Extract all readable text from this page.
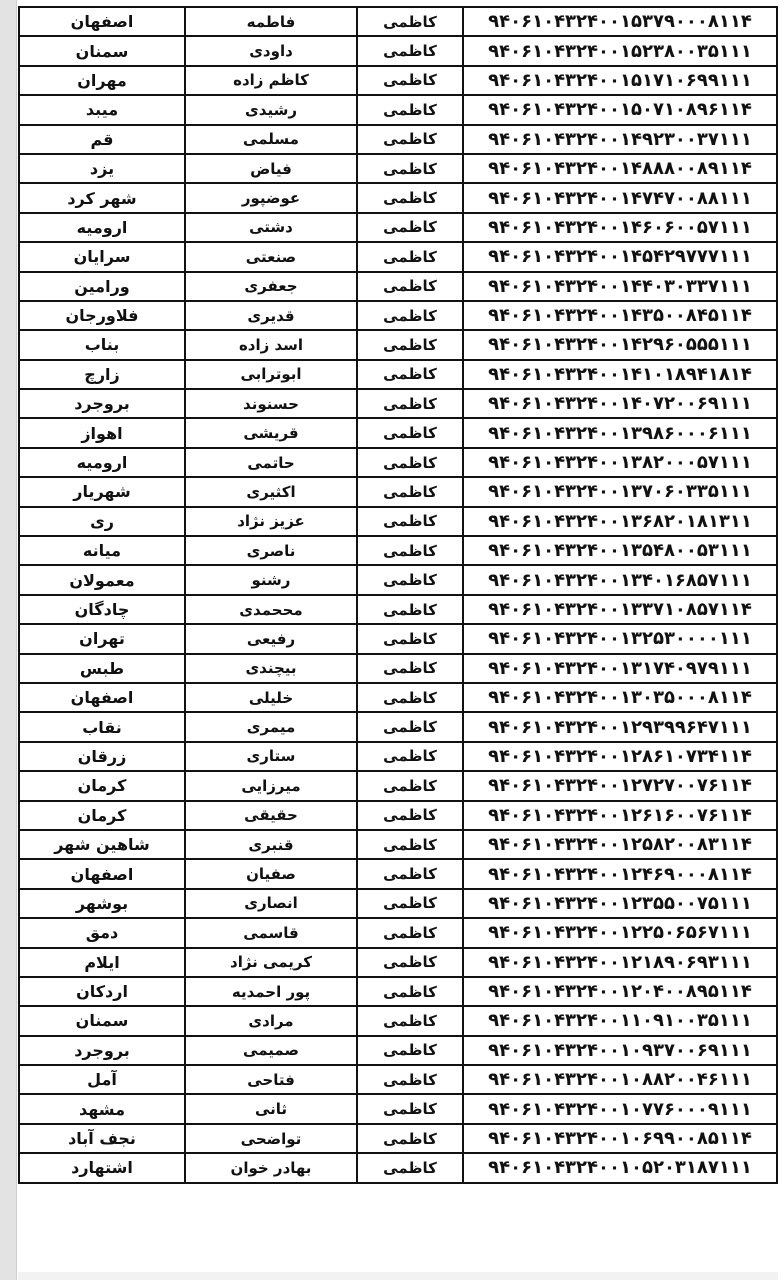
اصفهان	فاطمه	کاظمی	۹۴۰۶۱۰۴۳۲۴۰۰۱۵۳۷۹۰۰۰۸۱۱۴
سمنان	داودی	کاظمی	۹۴۰۶۱۰۴۳۲۴۰۰۱۵۲۳۸۰۰۳۵۱۱۱
مهران	کاظم زاده	کاظمی	۹۴۰۶۱۰۴۳۲۴۰۰۱۵۱۷۱۰۶۹۹۱۱۱
میبد	رشیدی	کاظمی	۹۴۰۶۱۰۴۳۲۴۰۰۱۵۰۷۱۰۸۹۶۱۱۴
قم	مسلمی	کاظمی	۹۴۰۶۱۰۴۳۲۴۰۰۱۴۹۲۳۰۰۳۷۱۱۱
یزد	فیاض	کاظمی	۹۴۰۶۱۰۴۳۲۴۰۰۱۴۸۸۸۰۰۸۹۱۱۴
شهر کرد	عوضپور	کاظمی	۹۴۰۶۱۰۴۳۲۴۰۰۱۴۷۴۷۰۰۸۸۱۱۱
ارومیه	دشتی	کاظمی	۹۴۰۶۱۰۴۳۲۴۰۰۱۴۶۰۶۰۰۵۷۱۱۱
سرایان	صنعتی	کاظمی	۹۴۰۶۱۰۴۳۲۴۰۰۱۴۵۴۲۹۷۷۷۱۱۱
ورامین	جعفری	کاظمی	۹۴۰۶۱۰۴۳۲۴۰۰۱۴۴۰۳۰۳۳۷۱۱۱
فلاورجان	قدیری	کاظمی	۹۴۰۶۱۰۴۳۲۴۰۰۱۴۳۵۰۰۸۴۵۱۱۴
بناب	اسد زاده	کاظمی	۹۴۰۶۱۰۴۳۲۴۰۰۱۴۲۹۶۰۵۵۵۱۱۱
زارچ	ابوترابی	کاظمی	۹۴۰۶۱۰۴۳۲۴۰۰۱۴۱۰۱۸۹۴۱۸۱۴
بروجرد	حسنوند	کاظمی	۹۴۰۶۱۰۴۳۲۴۰۰۱۴۰۷۲۰۰۶۹۱۱۱
اهواز	قریشی	کاظمی	۹۴۰۶۱۰۴۳۲۴۰۰۱۳۹۸۶۰۰۰۶۱۱۱
ارومیه	حاتمی	کاظمی	۹۴۰۶۱۰۴۳۲۴۰۰۱۳۸۲۰۰۰۵۷۱۱۱
شهریار	اکثیری	کاظمی	۹۴۰۶۱۰۴۳۲۴۰۰۱۳۷۰۶۰۳۳۵۱۱۱
ری	عزیز نژاد	کاظمی	۹۴۰۶۱۰۴۳۲۴۰۰۱۳۶۸۲۰۱۸۱۳۱۱
میانه	ناصری	کاظمی	۹۴۰۶۱۰۴۳۲۴۰۰۱۳۵۴۸۰۰۵۳۱۱۱
معمولان	رشنو	کاظمی	۹۴۰۶۱۰۴۳۲۴۰۰۱۳۴۰۱۶۸۵۷۱۱۱
چادگان	مححمدی	کاظمی	۹۴۰۶۱۰۴۳۲۴۰۰۱۳۳۷۱۰۸۵۷۱۱۴
تهران	رفیعی	کاظمی	۹۴۰۶۱۰۴۳۲۴۰۰۱۳۲۵۳۰۰۰۰۱۱۱
طبس	بیچندی	کاظمی	۹۴۰۶۱۰۴۳۲۴۰۰۱۳۱۷۴۰۹۷۹۱۱۱
اصفهان	خلیلی	کاظمی	۹۴۰۶۱۰۴۳۲۴۰۰۱۳۰۳۵۰۰۰۸۱۱۴
نقاب	میمری	کاظمی	۹۴۰۶۱۰۴۳۲۴۰۰۱۲۹۳۹۹۶۴۷۱۱۱
زرقان	ستاری	کاظمی	۹۴۰۶۱۰۴۳۲۴۰۰۱۲۸۶۱۰۷۳۴۱۱۴
کرمان	میرزایی	کاظمی	۹۴۰۶۱۰۴۳۲۴۰۰۱۲۷۲۷۰۰۷۶۱۱۴
کرمان	حقیقی	کاظمی	۹۴۰۶۱۰۴۳۲۴۰۰۱۲۶۱۶۰۰۷۶۱۱۴
شاهین شهر	قنبری	کاظمی	۹۴۰۶۱۰۴۳۲۴۰۰۱۲۵۸۲۰۰۸۳۱۱۴
اصفهان	صفیان	کاظمی	۹۴۰۶۱۰۴۳۲۴۰۰۱۲۴۶۹۰۰۰۸۱۱۴
بوشهر	انصاری	کاظمی	۹۴۰۶۱۰۴۳۲۴۰۰۱۲۳۵۵۰۰۷۵۱۱۱
دمق	قاسمی	کاظمی	۹۴۰۶۱۰۴۳۲۴۰۰۱۲۲۵۰۶۵۶۷۱۱۱
ایلام	کریمی نژاد	کاظمی	۹۴۰۶۱۰۴۳۲۴۰۰۱۲۱۸۹۰۶۹۳۱۱۱
اردکان	پور احمدیه	کاظمی	۹۴۰۶۱۰۴۳۲۴۰۰۱۲۰۴۰۰۸۹۵۱۱۴
سمنان	مرادی	کاظمی	۹۴۰۶۱۰۴۳۲۴۰۰۱۱۰۹۱۰۰۳۵۱۱۱
بروجرد	صمیمی	کاظمی	۹۴۰۶۱۰۴۳۲۴۰۰۱۰۹۳۷۰۰۶۹۱۱۱
آمل	فتاحی	کاظمی	۹۴۰۶۱۰۴۳۲۴۰۰۱۰۸۸۲۰۰۴۶۱۱۱
مشهد	ثانی	کاظمی	۹۴۰۶۱۰۴۳۲۴۰۰۱۰۷۷۶۰۰۰۹۱۱۱
نجف آباد	تواضحی	کاظمی	۹۴۰۶۱۰۴۳۲۴۰۰۱۰۶۹۹۰۰۸۵۱۱۴
اشتهارد	بهادر خوان	کاظمی	۹۴۰۶۱۰۴۳۲۴۰۰۱۰۵۲۰۳۱۸۷۱۱۱
